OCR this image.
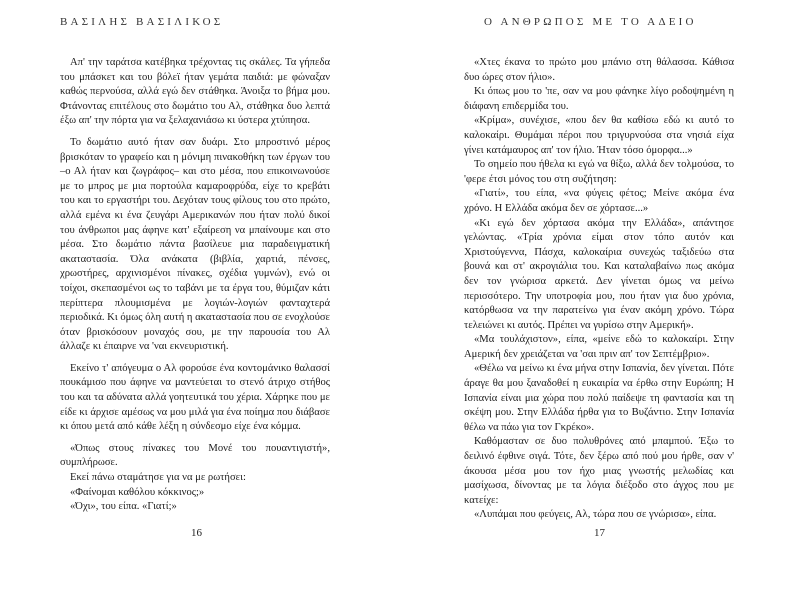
ΒΑΣΙΛΗΣ ΒΑΣΙΛΙΚΟΣ

Απ' την ταράτσα κατέβηκα τρέχοντας τις σκάλες. Τα γήπεδα του μπάσκετ και του βόλεϊ ήταν γεμάτα παιδιά: με φώναξαν καθώς περνούσα, αλλά εγώ δεν στάθηκα. Άνοιξα το βήμα μου. Φτάνοντας επιτέλους στο δωμάτιο του Αλ, στάθηκα δυο λεπτά έξω απ' την πόρτα για να ξελαχανιάσω κι ύστερα χτύπησα.

Το δωμάτιο αυτό ήταν σαν δυάρι. Στο μπροστινό μέρος βρισκόταν το γραφείο και η μόνιμη πινακοθήκη των έργων του –ο Αλ ήταν και ζωγράφος– και στο μέσα, που επικοινωνούσε με το μπρος με μια πορτούλα καμαροφρύδα, είχε το κρεβάτι του και το εργαστήρι του. Δεχόταν τους φίλους του στο πρώτο, αλλά εμένα κι ένα ζευγάρι Αμερικανών που ήταν πολύ δικοί του άνθρωποι μας άφηνε κατ' εξαίρεση να μπαίνουμε και στο μέσα. Στο δωμάτιο πάντα βασίλευε μια παραδειγματική ακαταστασία. Όλα ανάκατα (βιβλία, χαρτιά, πένσες, χρωστήρες, αρχινισμένοι πίνακες, σχέδια γυμνών), ενώ οι τοίχοι, σκεπασμένοι ως το ταβάνι με τα έργα του, θύμιζαν κάτι περίπτερα πλουμισμένα με λογιών-λογιών φανταχτερά περιοδικά. Κι όμως όλη αυτή η ακαταστασία που σε ενοχλούσε όταν βρισκόσουν μοναχός σου, με την παρουσία του Αλ άλλαζε κι έπαιρνε να 'ναι εκνευριστική.

Εκείνο τ' απόγευμα ο Αλ φορούσε ένα κοντομάνικο θαλασσί πουκάμισο που άφηνε να μαντεύεται το στενό άτριχο στήθος του και τα αδύνατα αλλά γοητευτικά του χέρια. Χάρηκε που με είδε κι άρχισε αμέσως να μου μιλά για ένα ποίημα που διάβασε κι όπου μετά από κάθε λέξη η σύνδεσμο είχε ένα κόμμα.

«Όπως στους πίνακες του Μονέ του πουαντιγιστή», συμπλήρωσε.

Εκεί πάνω σταμάτησε για να με ρωτήσει:

«Φαίνομαι καθόλου κόκκινος;»

«Όχι», του είπα. «Γιατί;»

16
Ο ΑΝΘΡΩΠΟΣ ΜΕ ΤΟ ΑΔΕΙΟ

«Χτες έκανα το πρώτο μου μπάνιο στη θάλασσα. Κάθισα δυο ώρες στον ήλιο».

Κι όπως μου το 'πε, σαν να μου φάνηκε λίγο ροδοψημένη η διάφανη επιδερμίδα του.

«Κρίμα», συνέχισε, «που δεν θα καθίσω εδώ κι αυτό το καλοκαίρι. Θυμάμαι πέροι που τριγυρνούσα στα νησιά είχα γίνει κατάμαυρος απ' τον ήλιο. Ήταν τόσο όμορφα...»

Το σημείο που ήθελα κι εγώ να θίξω, αλλά δεν τολμούσα, το 'φερε έτσι μόνος του στη συζήτηση:

«Γιατί», του είπα, «να φύγεις φέτος; Μείνε ακόμα ένα χρόνο. Η Ελλάδα ακόμα δεν σε χόρτασε...»

«Κι εγώ δεν χόρτασα ακόμα την Ελλάδα», απάντησε γελώντας. «Τρία χρόνια είμαι στον τόπο αυτόν και Χριστούγεννα, Πάσχα, καλοκαίρια συνεχώς ταξιδεύω στα βουνά και στ' ακρογιάλια του. Και καταλαβαίνω πως ακόμα δεν τον γνώρισα αρκετά. Δεν γίνεται όμως να μείνω περισσότερο. Την υποτροφία μου, που ήταν για δυο χρόνια, κατόρθωσα να την παρατείνω για έναν ακόμη χρόνο. Τώρα τελειώνει κι αυτός. Πρέπει να γυρίσω στην Αμερική».

«Μα τουλάχιστον», είπα, «μείνε εδώ το καλοκαίρι. Στην Αμερική δεν χρειάζεται να 'σαι πριν απ' τον Σεπτέμβριο».

«Θέλω να μείνω κι ένα μήνα στην Ισπανία, δεν γίνεται. Πότε άραγε θα μου ξαναδοθεί η ευκαιρία να έρθω στην Ευρώπη; Η Ισπανία είναι μια χώρα που πολύ παίδεψε τη φαντασία και τη σκέψη μου. Στην Ελλάδα ήρθα για το Βυζάντιο. Στην Ισπανία θέλω να πάω για τον Γκρέκο».

Καθόμασταν σε δυο πολυθρόνες από μπαμπού. Έξω το δειλινό έφθινε σιγά. Τότε, δεν ξέρω από πού μου ήρθε, σαν ν' άκουσα μέσα μου τον ήχο μιας γνωστής μελωδίας και μασίχωσα, δίνοντας με τα λόγια διέξοδο στο άγχος που με κατείχε:

«Λυπάμαι που φεύγεις, Αλ, τώρα που σε γνώρισα», είπα.

17
